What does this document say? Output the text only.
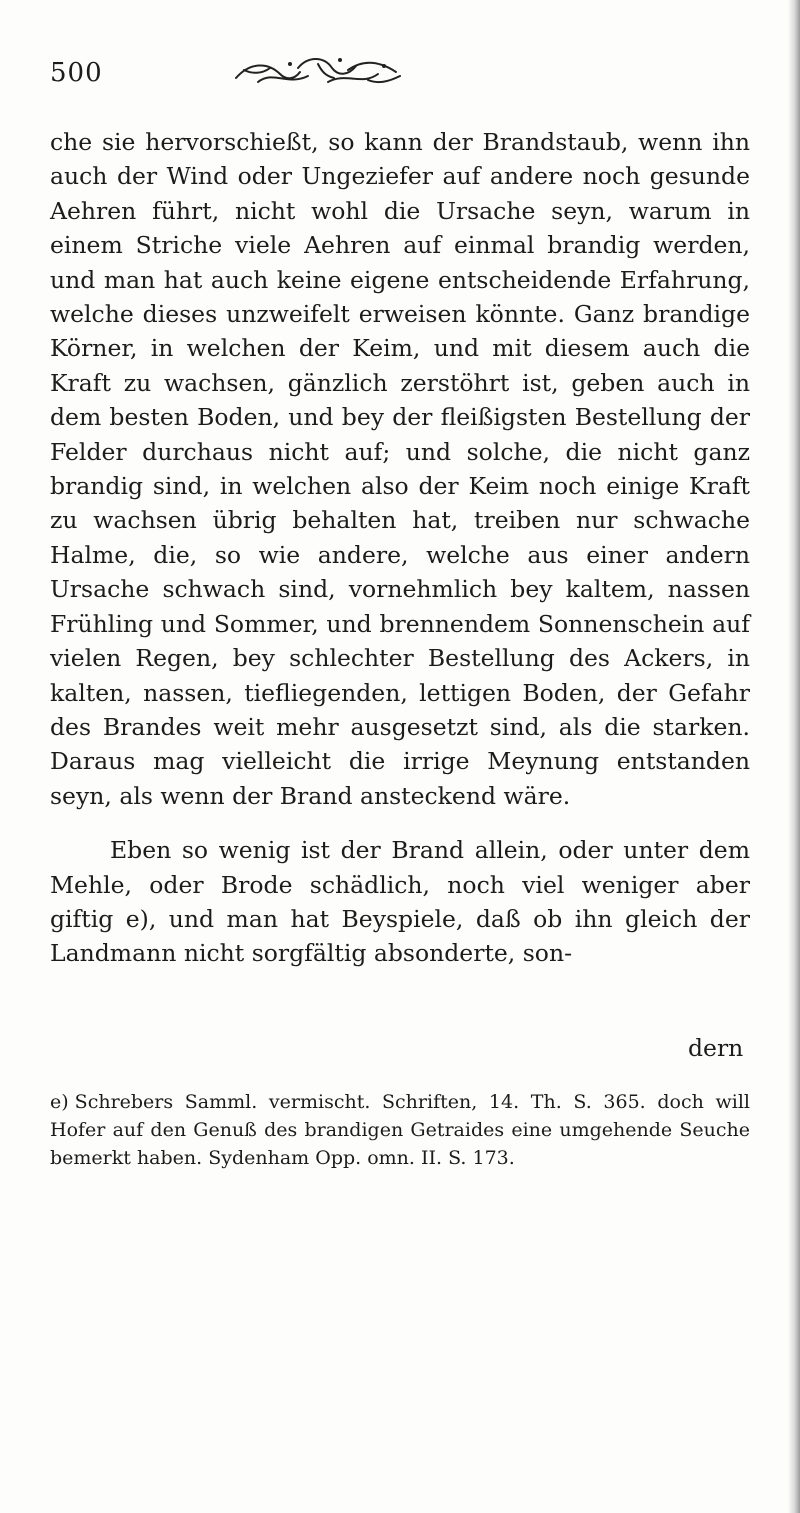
500

che sie hervorschießt, so kann der Brandstaub, wenn ihn auch der Wind oder Ungeziefer auf andere noch gesunde Aehren führt, nicht wohl die Ursache seyn, warum in einem Striche viele Aehren auf einmal brandig werden, und man hat auch keine eigene entscheidende Erfahrung, welche dieses unzweifelt erweisen könnte. Ganz brandige Körner, in welchen der Keim, und mit diesem auch die Kraft zu wachsen, gänzlich zerstöhrt ist, geben auch in dem besten Boden, und bey der fleißigsten Bestellung der Felder durchaus nicht auf; und solche, die nicht ganz brandig sind, in welchen also der Keim noch einige Kraft zu wachsen übrig behalten hat, treiben nur schwache Halme, die, so wie andere, welche aus einer andern Ursache schwach sind, vornehmlich bey kaltem, nassen Frühling und Sommer, und brennendem Sonnenschein auf vielen Regen, bey schlechter Bestellung des Ackers, in kalten, nassen, tiefliegenden, lettigen Boden, der Gefahr des Brandes weit mehr ausgesetzt sind, als die starken. Daraus mag vielleicht die irrige Meynung entstanden seyn, als wenn der Brand ansteckend wäre.

Eben so wenig ist der Brand allein, oder unter dem Mehle, oder Brode schädlich, noch viel weniger aber giftig e), und man hat Beyspiele, daß ob ihn gleich der Landmann nicht sorgfältig absonderte, son-

dern
e) Schrebers Samml. vermischt. Schriften, 14. Th. S. 365. doch will Hofer auf den Genuß des brandigen Getraides eine umgehende Seuche bemerkt haben. Sydenham Opp. omn. II. S. 173.
